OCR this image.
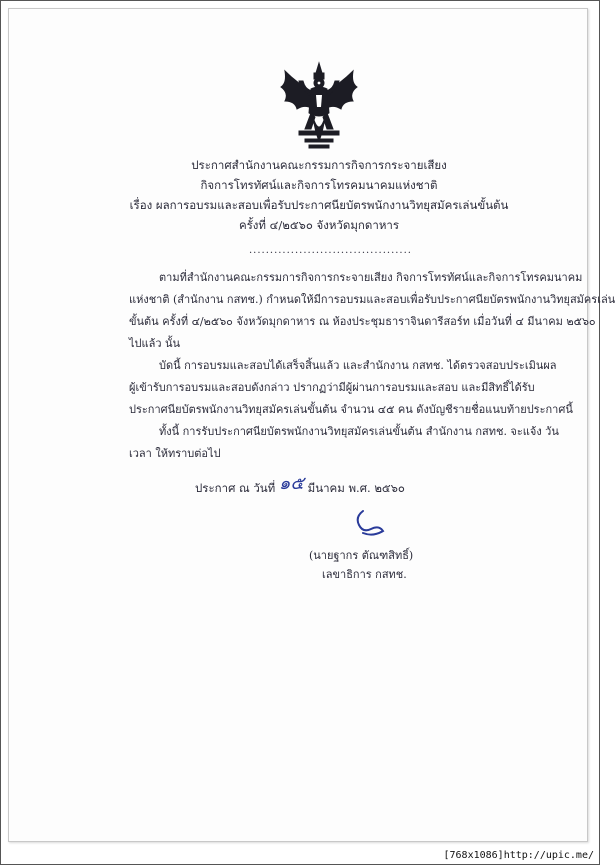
ประกาศสำนักงานคณะกรรมการกิจการกระจายเสียง
กิจการโทรทัศน์และกิจการโทรคมนาคมแห่งชาติ
เรื่อง ผลการอบรมและสอบเพื่อรับประกาศนียบัตรพนักงานวิทยุสมัครเล่นขั้นต้น
ครั้งที่ ๔/๒๕๖๐ จังหวัดมุกดาหาร
.......................................
ตามที่สำนักงานคณะกรรมการกิจการกระจายเสียง กิจการโทรทัศน์และกิจการโทรคมนาคม
แห่งชาติ (สำนักงาน กสทช.) กำหนดให้มีการอบรมและสอบเพื่อรับประกาศนียบัตรพนักงานวิทยุสมัครเล่น
ขั้นต้น ครั้งที่ ๔/๒๕๖๐ จังหวัดมุกดาหาร ณ ห้องประชุมธาราจินดารีสอร์ท เมื่อวันที่ ๔ มีนาคม ๒๕๖๐
ไปแล้ว นั้น
บัดนี้ การอบรมและสอบได้เสร็จสิ้นแล้ว และสำนักงาน กสทช. ได้ตรวจสอบประเมินผล
ผู้เข้ารับการอบรมและสอบดังกล่าว ปรากฏว่ามีผู้ผ่านการอบรมและสอบ และมีสิทธิ์ได้รับ
ประกาศนียบัตรพนักงานวิทยุสมัครเล่นขั้นต้น จำนวน ๔๕ คน ดังบัญชีรายชื่อแนบท้ายประกาศนี้
ทั้งนี้ การรับประกาศนียบัตรพนักงานวิทยุสมัครเล่นขั้นต้น สำนักงาน กสทช. จะแจ้ง วัน
เวลา ให้ทราบต่อไป
ประกาศ ณ วันที่ ๑๕ มีนาคม พ.ศ. ๒๕๖๐
(นายฐากร ตัณฑสิทธิ์)
เลขาธิการ กสทช.
[768x1086]http://upic.me/
